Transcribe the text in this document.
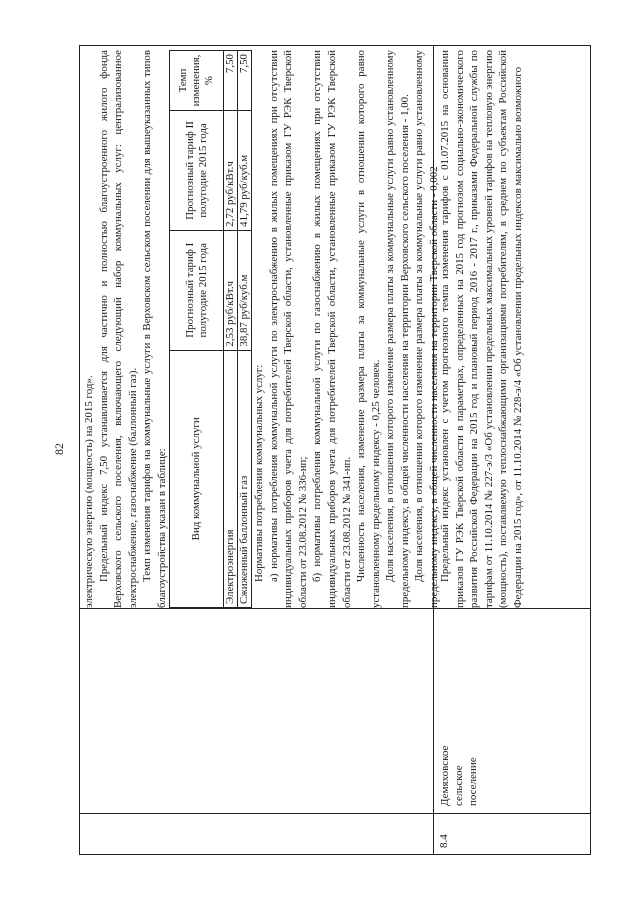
82
8.4
Демяховское сельское поселение

электрическую энергию (мощность) на 2015 год». Предельный индекс 7,50 устанавливается для частично и полностью благоустроенного жилого фонда Верховского сельского поселения, включающего следующий набор коммунальных услуг: централизованное электроснабжение, газоснабжение (баллонный газ). Темп изменения тарифов на коммунальные услуги в Верховском сельском поселении для вышеуказанных типов благоустройства указан в таблице: Вид коммунальной услуги	Прогнозный тариф I полугодие 2015 года	Прогнозный тариф II полугодие 2015 года	Темп изменения, %
Электроэнергия	2,53 руб/кВт.ч	2,72 руб/кВт.ч	7,50
Сжиженный баллонный газ	38,87 руб/куб.м	41,79 руб/куб.м	7,50

Нормативы потребления коммунальных услуг: а) нормативы потребления коммунальной услуги по электроснабжению в жилых помещениях при отсутствии индивидуальных приборов учета для потребителей Тверской области, установленные приказом ГУ РЭК Тверской области от 23.08.2012 № 336-нп; б) нормативы потребления коммунальной услуги по газоснабжению в жилых помещениях при отсутствии индивидуальных приборов учета для потребителей Тверской области, установленные приказом ГУ РЭК Тверской области от 23.08.2012 № 341-нп. Численность населения, изменение размера платы за коммунальные услуги в отношении которого равно установленному предельному индексу - 0,25 человек. Доля населения, в отношении которого изменение размера платы за коммунальные услуги равно установленному предельному индексу, в общей численности населения на территории Верховского сельского поселения - 1,00. Доля населения, в отношении которого изменение размера платы за коммунальные услуги равно установленному предельному индексу, в общей численности населения на территории Тверской области - 0,002 Предельный индекс установлен с учетом прогнозного темпа изменения тарифов с 01.07.2015 на основании приказов ГУ РЭК Тверской области в параметрах, определенных на 2015 год прогнозом социально-экономического развития Российской Федерации на 2015 год и плановый период 2016 - 2017 г., приказами Федеральной службы по тарифам от 11.10.2014 № 227-э/3 «Об установлении предельных максимальных уровней тарифов на тепловую энергию (мощность), поставляемую теплоснабжающими организациями потребителям, в среднем по субъектам Российской Федерации на 2015 год», от 11.10.2014 № 228-э/4 «Об установлении предельных индексов максимально возможного
